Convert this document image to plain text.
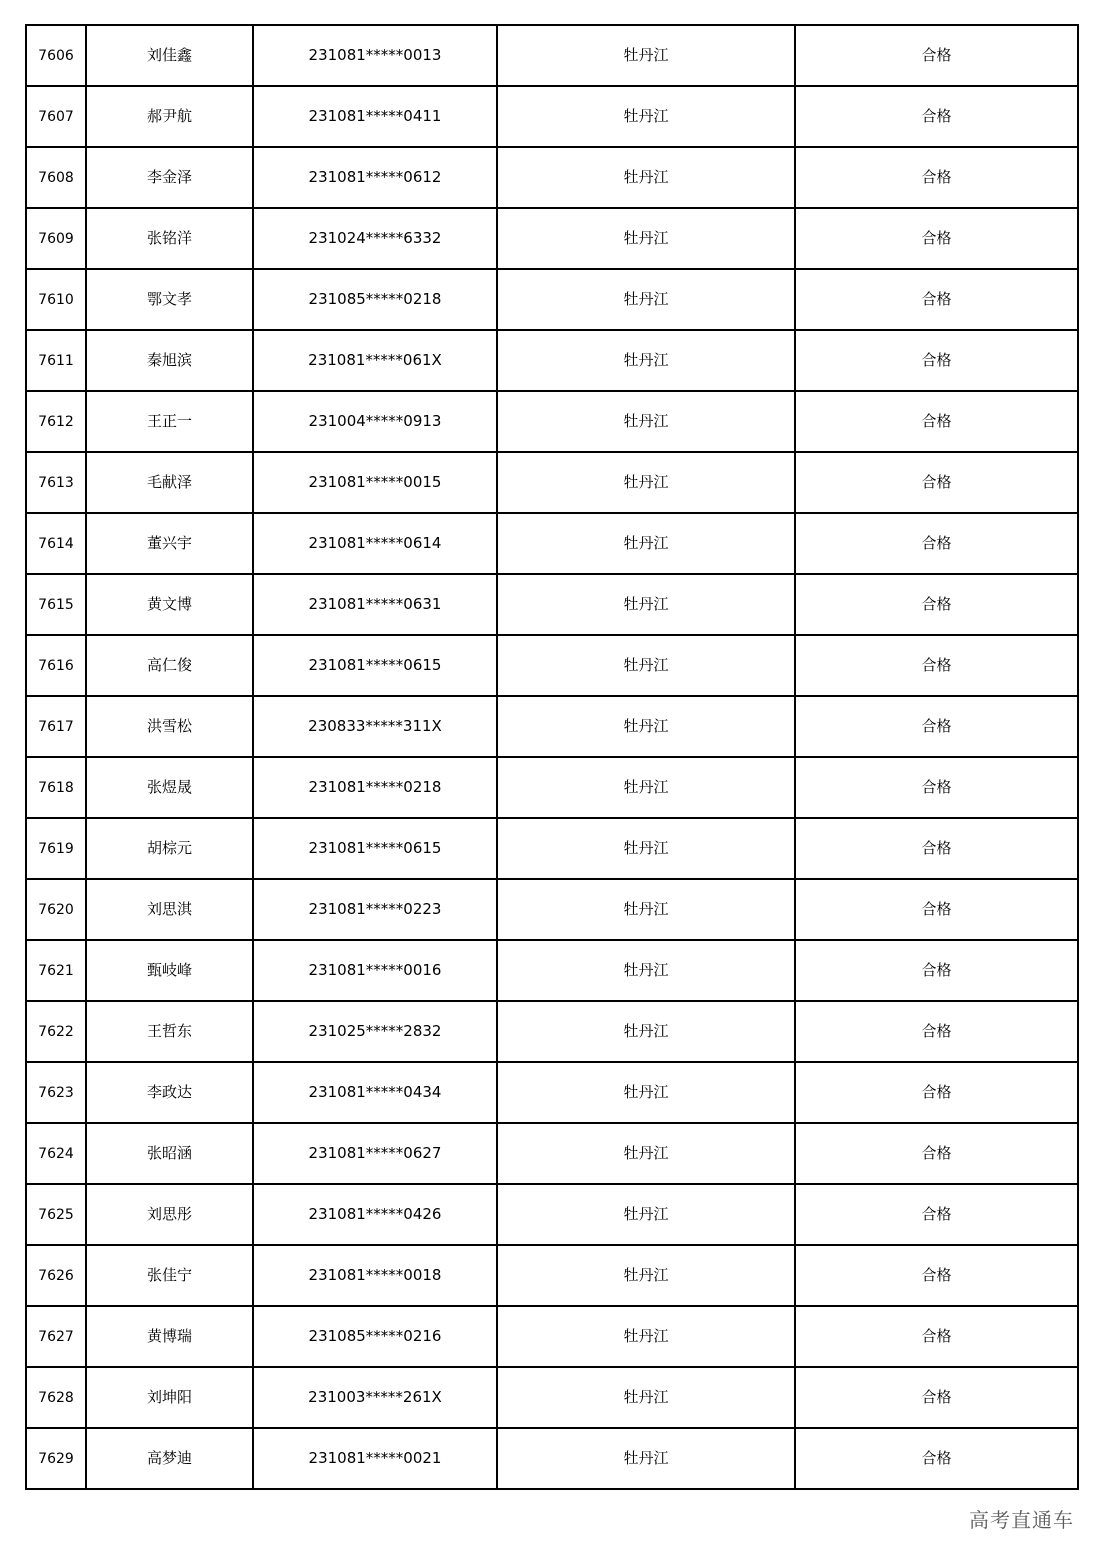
7606	刘佳鑫	231081*****0013	牡丹江	合格
7607	郝尹航	231081*****0411	牡丹江	合格
7608	李金泽	231081*****0612	牡丹江	合格
7609	张铭洋	231024*****6332	牡丹江	合格
7610	鄂文孝	231085*****0218	牡丹江	合格
7611	秦旭滨	231081*****061X	牡丹江	合格
7612	王正一	231004*****0913	牡丹江	合格
7613	毛献泽	231081*****0015	牡丹江	合格
7614	董兴宇	231081*****0614	牡丹江	合格
7615	黄文博	231081*****0631	牡丹江	合格
7616	高仁俊	231081*****0615	牡丹江	合格
7617	洪雪松	230833*****311X	牡丹江	合格
7618	张煜晟	231081*****0218	牡丹江	合格
7619	胡棕元	231081*****0615	牡丹江	合格
7620	刘思淇	231081*****0223	牡丹江	合格
7621	甄岐峰	231081*****0016	牡丹江	合格
7622	王哲东	231025*****2832	牡丹江	合格
7623	李政达	231081*****0434	牡丹江	合格
7624	张昭涵	231081*****0627	牡丹江	合格
7625	刘思彤	231081*****0426	牡丹江	合格
7626	张佳宁	231081*****0018	牡丹江	合格
7627	黄博瑞	231085*****0216	牡丹江	合格
7628	刘坤阳	231003*****261X	牡丹江	合格
7629	高梦迪	231081*****0021	牡丹江	合格
高考直通车
